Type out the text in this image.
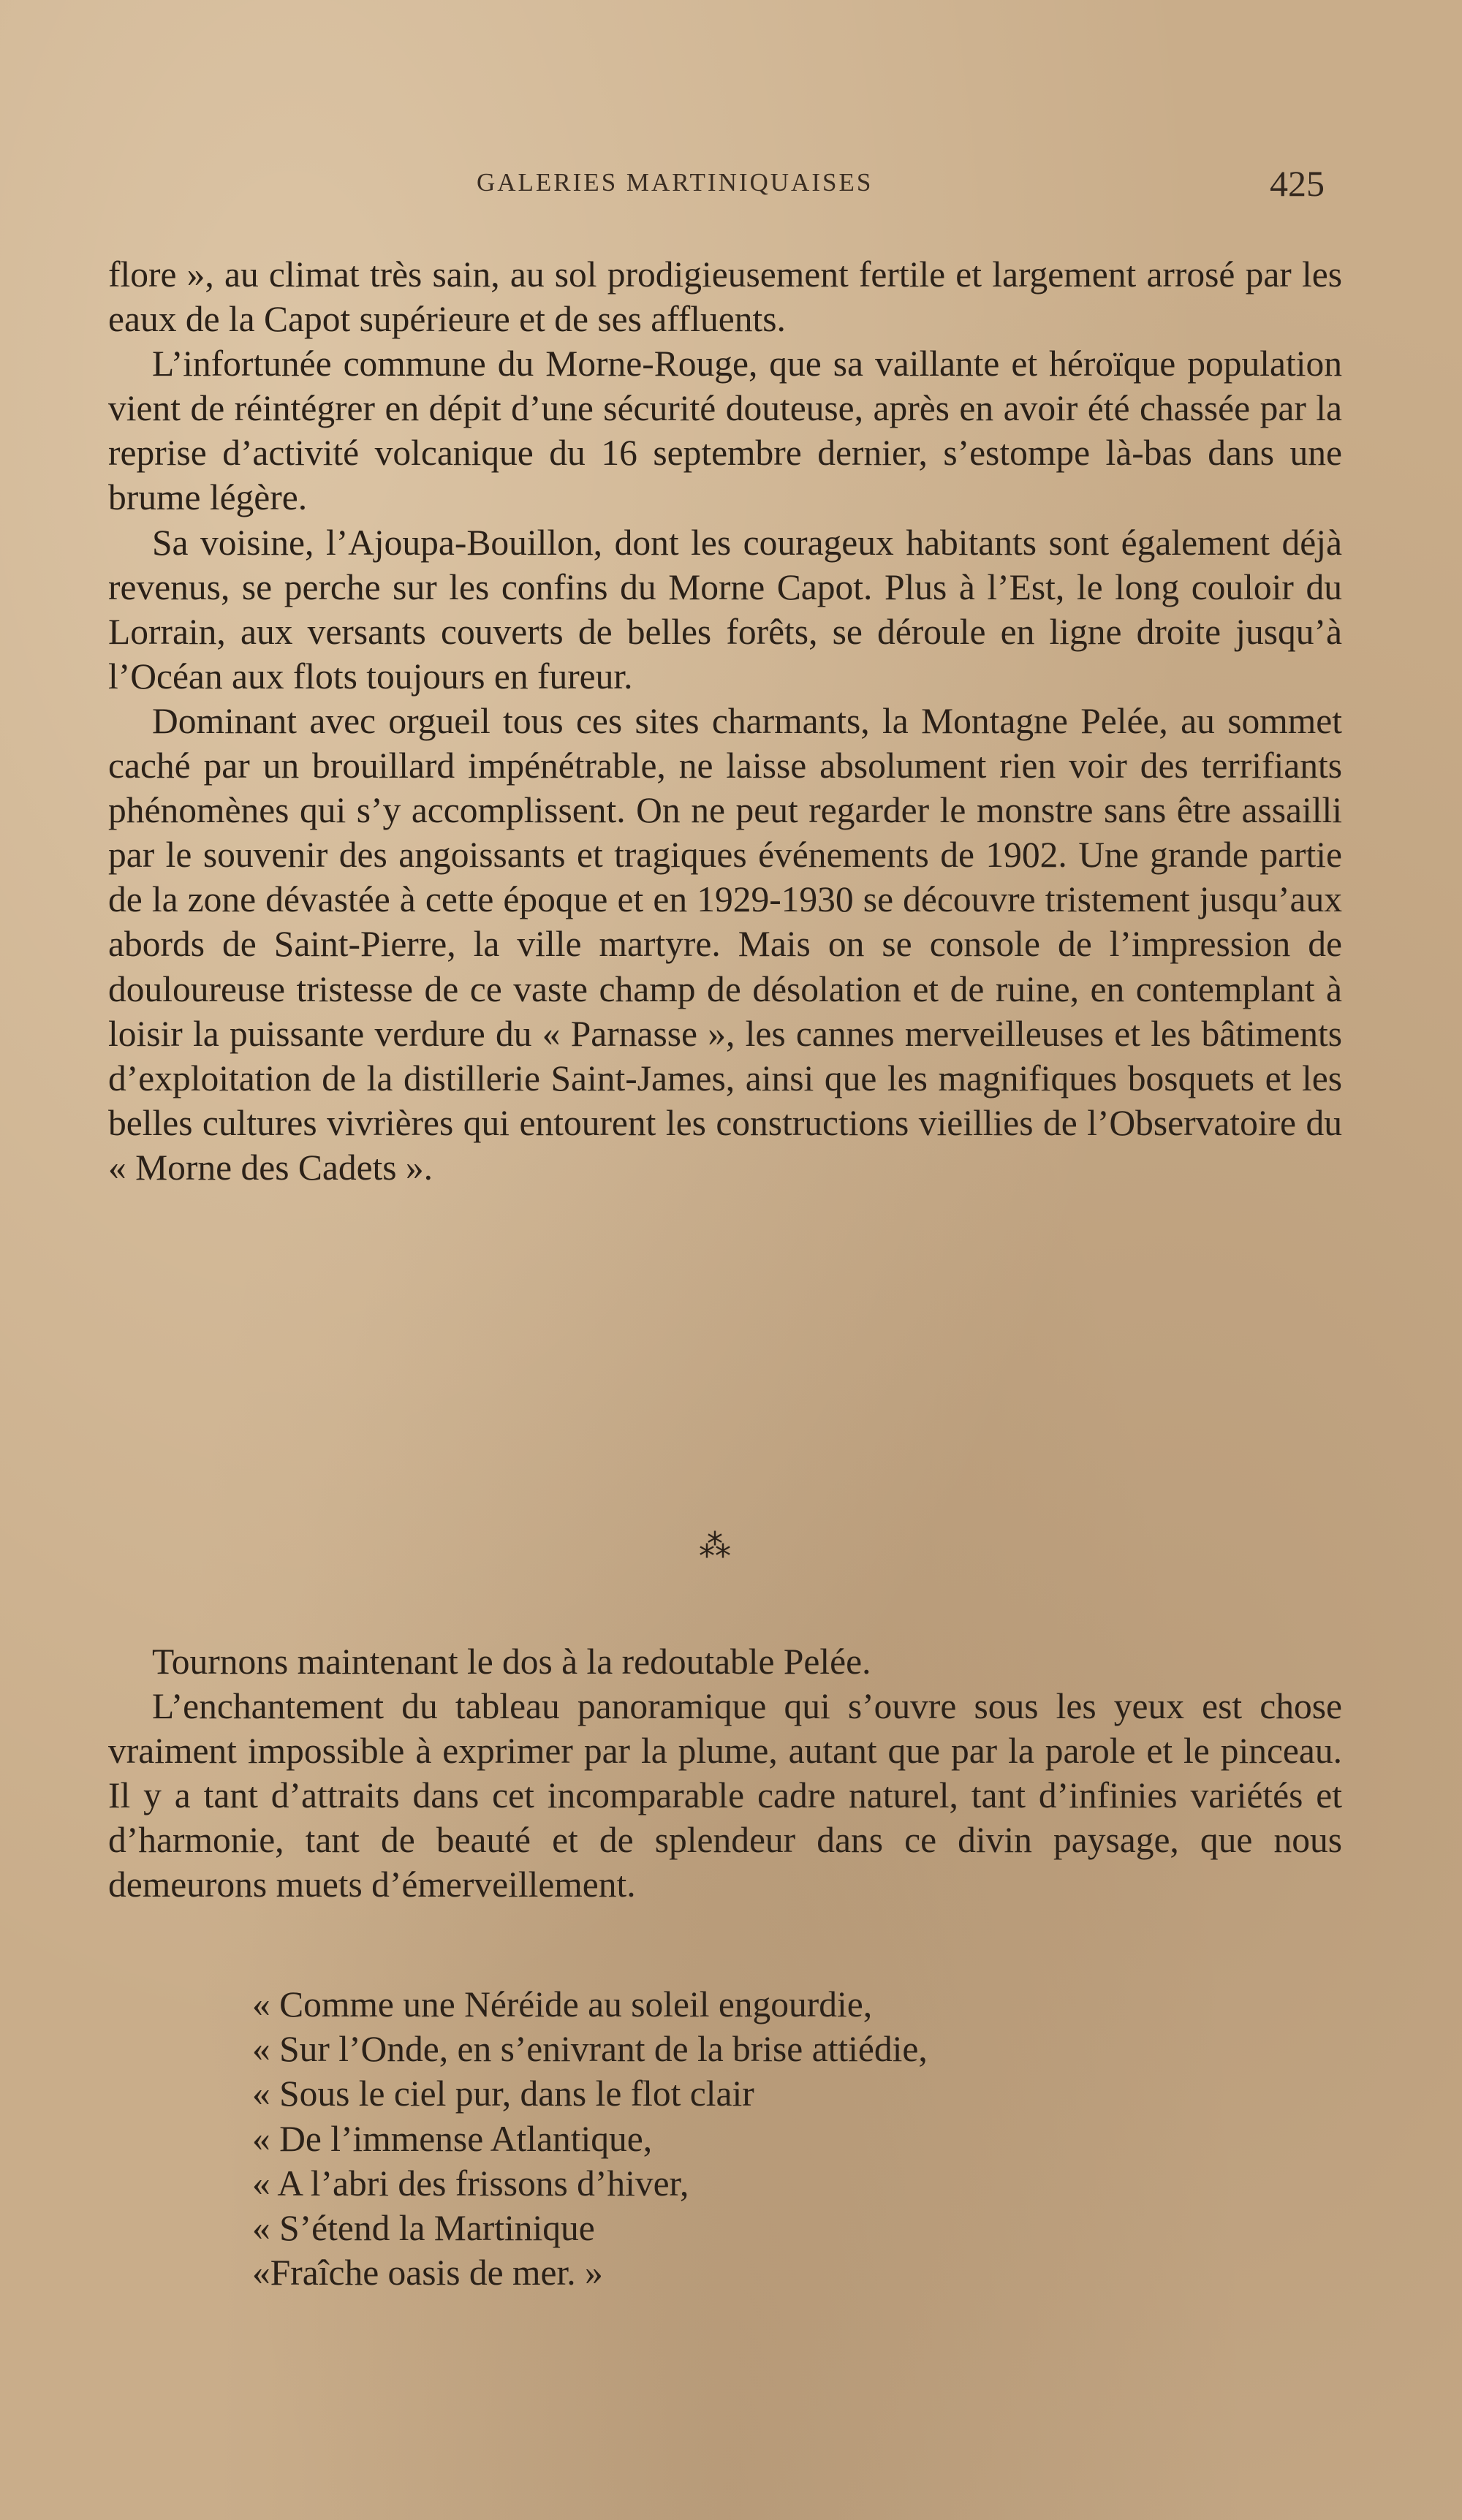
GALERIES MARTINIQUAISES	425

flore », au climat très sain, au sol prodigieusement fertile et largement arrosé par les eaux de la Capot supérieure et de ses affluents.

L’infortunée commune du Morne-Rouge, que sa vaillante et héroïque population vient de réintégrer en dépit d’une sécurité douteuse, après en avoir été chassée par la reprise d’activité volcanique du 16 septembre dernier, s’estompe là-bas dans une brume légère.

Sa voisine, l’Ajoupa-Bouillon, dont les courageux habitants sont également déjà revenus, se perche sur les confins du Morne Capot. Plus à l’Est, le long couloir du Lorrain, aux versants couverts de belles forêts, se déroule en ligne droite jusqu’à l’Océan aux flots toujours en fureur.

Dominant avec orgueil tous ces sites charmants, la Montagne Pelée, au sommet caché par un brouillard impénétrable, ne laisse absolument rien voir des terrifiants phénomènes qui s’y accomplissent. On ne peut regarder le monstre sans être assailli par le souvenir des angoissants et tragiques événements de 1902. Une grande partie de la zone dévastée à cette époque et en 1929-1930 se découvre tristement jusqu’aux abords de Saint-Pierre, la ville martyre. Mais on se console de l’impression de douloureuse tristesse de ce vaste champ de désolation et de ruine, en contemplant à loisir la puissante verdure du « Parnasse », les cannes merveilleuses et les bâtiments d’exploitation de la distillerie Saint-James, ainsi que les magnifiques bosquets et les belles cultures vivrières qui entourent les constructions vieillies de l’Observatoire du « Morne des Cadets ».

⁂

Tournons maintenant le dos à la redoutable Pelée.

L’enchantement du tableau panoramique qui s’ouvre sous les yeux est chose vraiment impossible à exprimer par la plume, autant que par la parole et le pinceau. Il y a tant d’attraits dans cet incomparable cadre naturel, tant d’infinies variétés et d’harmonie, tant de beauté et de splendeur dans ce divin paysage, que nous demeurons muets d’émerveillement.

« Comme une Néréide au soleil engourdie,
« Sur l’Onde, en s’enivrant de la brise attiédie,
« Sous le ciel pur, dans le flot clair
« De l’immense Atlantique,
« A l’abri des frissons d’hiver,
« S’étend la Martinique
«Fraîche oasis de mer. »
